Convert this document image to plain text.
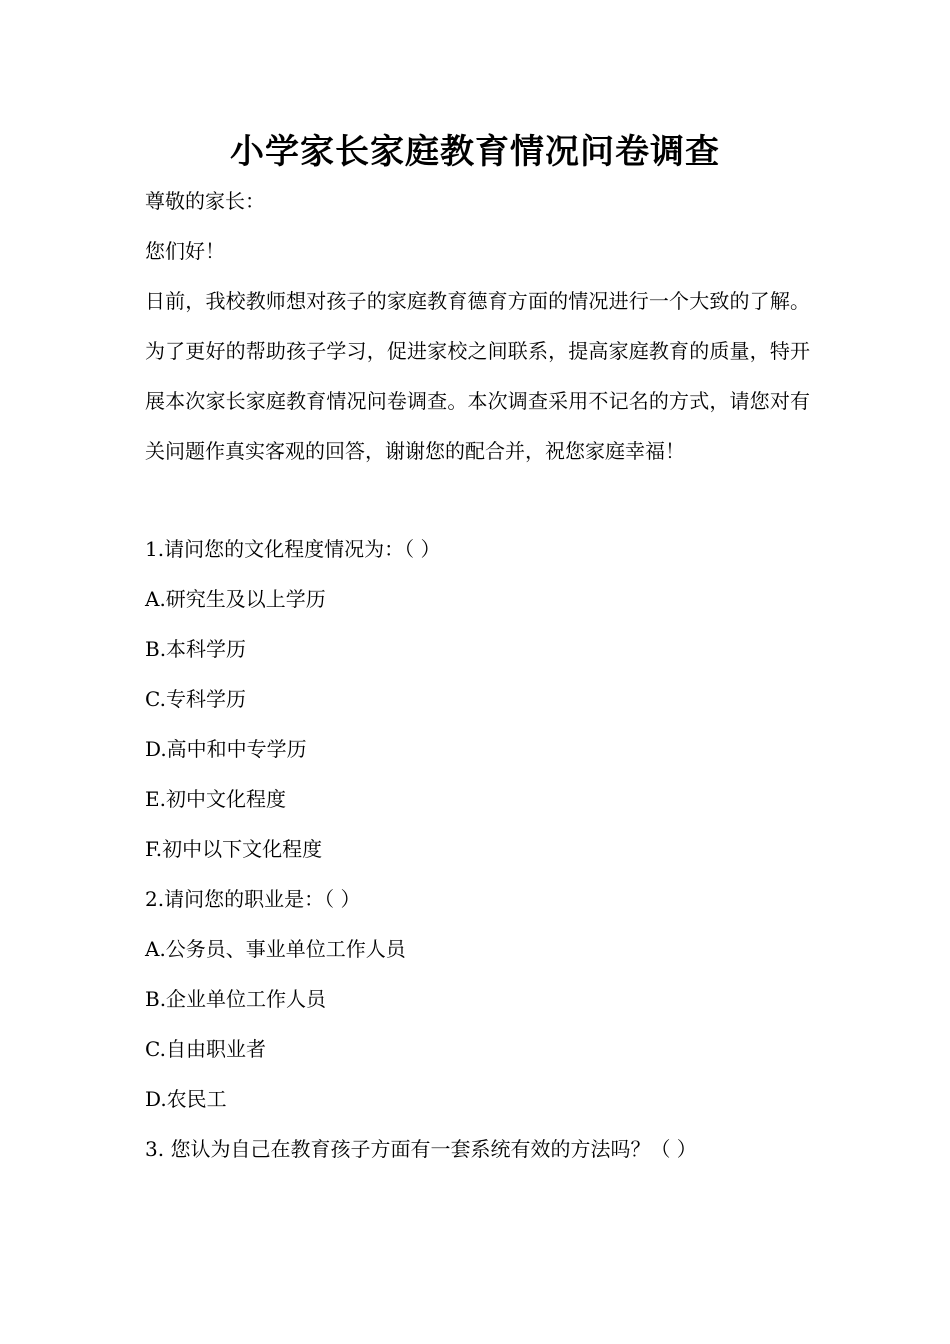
小学家长家庭教育情况问卷调查

尊敬的家长：

您们好！

日前，我校教师想对孩子的家庭教育德育方面的情况进行一个大致的了解。为了更好的帮助孩子学习，促进家校之间联系，提高家庭教育的质量，特开展本次家长家庭教育情况问卷调查。本次调查采用不记名的方式，请您对有关问题作真实客观的回答，谢谢您的配合并，祝您家庭幸福！

1.请问您的文化程度情况为：（ ）

A.研究生及以上学历

B.本科学历

C.专科学历

D.高中和中专学历

E.初中文化程度

F.初中以下文化程度

2.请问您的职业是：（ ）

A.公务员、事业单位工作人员

B.企业单位工作人员

C.自由职业者

D.农民工

3. 您认为自己在教育孩子方面有一套系统有效的方法吗？（ ）
